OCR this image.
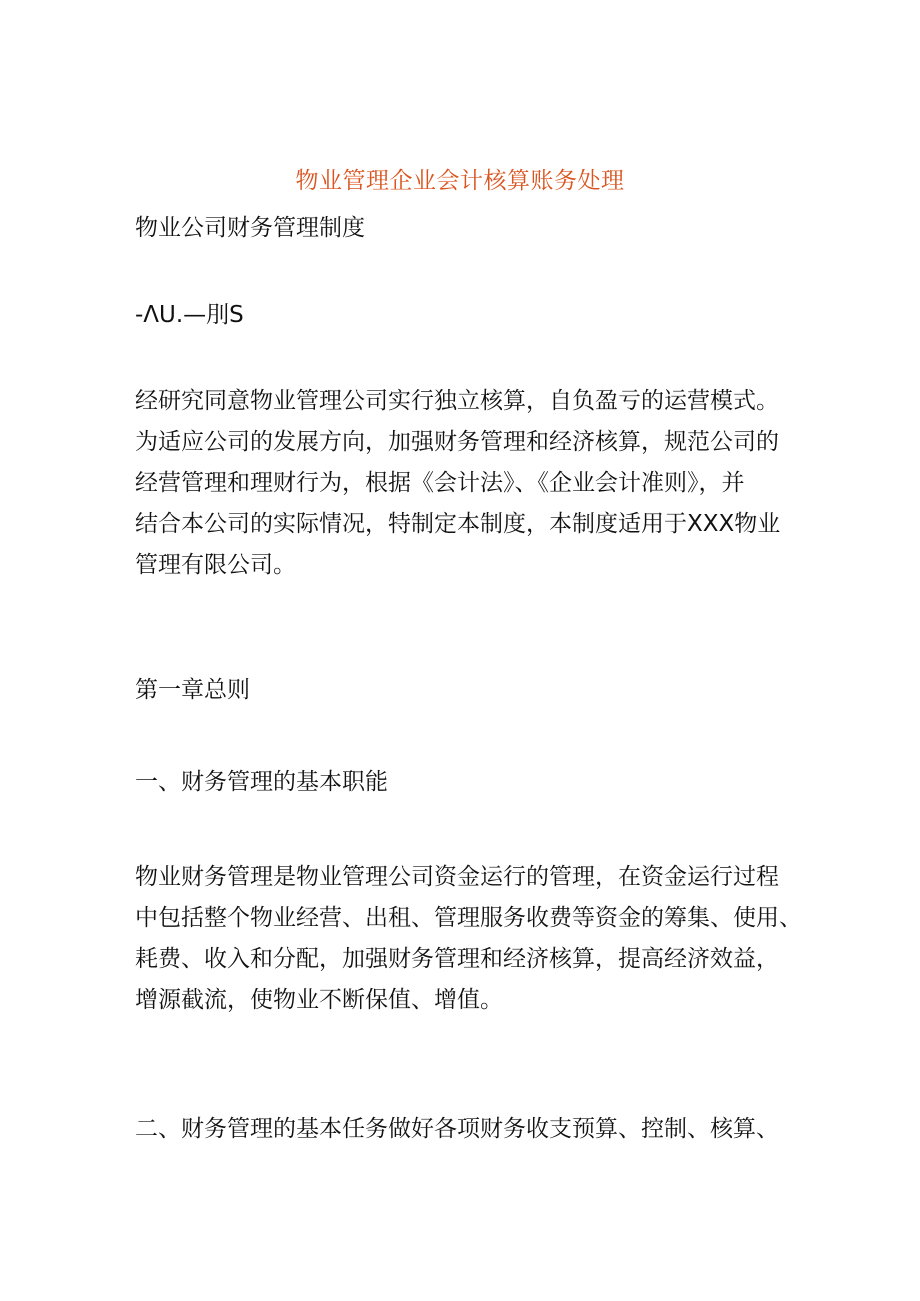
物业管理企业会计核算账务处理
物业公司财务管理制度
-ΛU.—刖S
经研究同意物业管理公司实行独立核算，自负盈亏的运营模式。
为适应公司的发展方向，加强财务管理和经济核算，规范公司的
经营管理和理财行为，根据《会计法》、《企业会计准则》，并
结合本公司的实际情况，特制定本制度，本制度适用于XXX物业
管理有限公司。
第一章总则
一、财务管理的基本职能
物业财务管理是物业管理公司资金运行的管理，在资金运行过程
中包括整个物业经营、出租、管理服务收费等资金的筹集、使用、
耗费、收入和分配，加强财务管理和经济核算，提高经济效益，
增源截流，使物业不断保值、增值。
二、财务管理的基本任务做好各项财务收支预算、控制、核算、
